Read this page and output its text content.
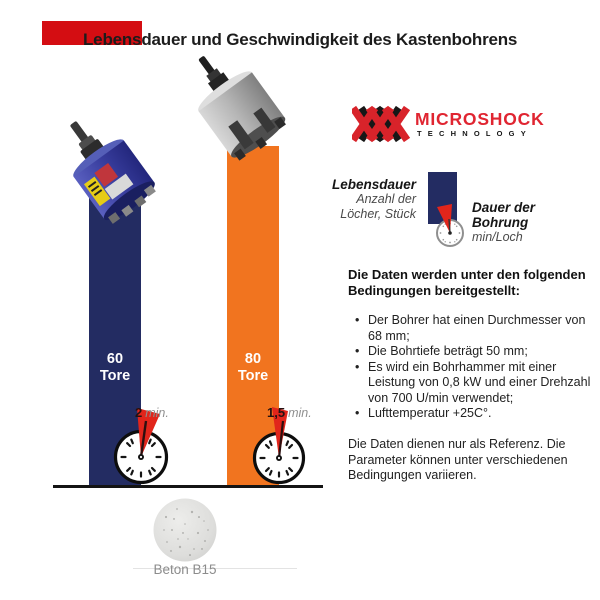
Lebensdauer und Geschwindigkeit des Kastenbohrens
60
Tore
80
Tore
2 min.	1,5 min.
Beton B15
MICROSHOCK
TECHNOLOGY
Lebensdauer
Anzahl der
Löcher, Stück	Dauer der
Bohrung
min/Loch
Die Daten werden unter den folgenden
Bedingungen bereitgestellt:
• Der Bohrer hat einen Durchmesser von 68 mm;
• Die Bohrtiefe beträgt 50 mm;
• Es wird ein Bohrhammer mit einer Leistung von 0,8 kW und einer Drehzahl von 700 U/min verwendet;
• Lufttemperatur +25C°.
Die Daten dienen nur als Referenz. Die Parameter können unter verschiedenen Bedingungen variieren.
